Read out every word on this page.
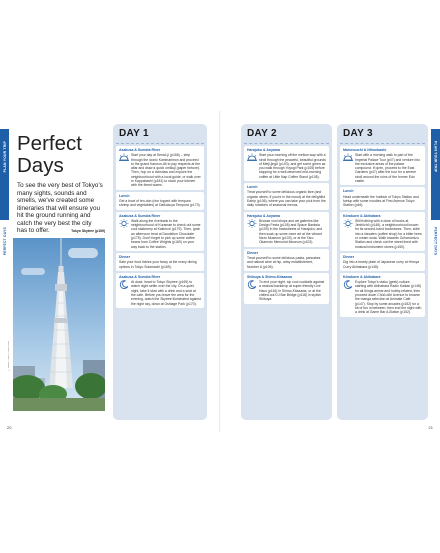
PLAN YOUR TRIP
PERFECT DAYS
Perfect
Days

To see the very best of Tokyo's many sights, sounds and smells, we've created some itineraries that will ensure you hit the ground running and catch the very best the city has to offer.	Tokyo Skytree (p169)
© DEWITT/SHUTTERSTOCK
20
DAY 1
Asakusa & Sumida River
Start your day at Sensō-ji (p166) – step through the iconic Kaminarimon and proceed to the grand Kannon-dō to pay respects at the altar and draw a quick omikuji (paper fortune). Then, hop on a rickshaw and explore the neighbourhood with a local guide, or walk over to Kappabashi (p181) to stock your kitchen with the finest wares.
Lunch
Get a bowl of ten-don (rice topped with tempura shrimp and vegetables) at Daikokuya Tempura (p173).
Asakusa & Sumida River
Walk along the riverbank to the neighbourhood of Kuramae to check out some cool stationery at Kakimori (p179). Then, grab an afternoon treat at Dandelion Chocolate (p175). Don't forget to pick up some coffee beans from Coffee Wrights (p169) on your way back to the station.
Dinner
Sate your food tickles your fancy at the many dining options in Tokyo Solamachi (p169).
Asakusa & Sumida River
At dusk, head to Tokyo Skytree (p169) to watch night settle over the city. On a quiet night, take it slow with a drink and a seat at the cafe. Before you leave the area for the evening, watch the Skytree illuminated against the night sky, down at Oshiage Park (p170).
DAY 2
Harajuku & Aoyama
Start your morning off the mellow way with a stroll through the peaceful, beautiful grounds of Meiji-jingū (p103), and get some green as you walk through Yoyogi Park (p105) before stopping for a well-deserved mid-morning coffee at Little Nap Coffee Stand (p108).
Lunch
Treat yourself to some delicious organic fare (and organic wines, if you're in the mood) at the delightful Eatrip (p106), where you can take your pick from the daily rotations of seasonal menus.
Harajuku & Aoyama
Browse cool shops and art galleries like Design Festa (p105) and Space Banksia (p109) in the backstreets of Harajuku, and then soak up some more art at the vibrant Nezu Museum (p103), or at the Taro Okamoto Memorial Museum (p103).
Dinner
Treat yourself to some delicious pasta, pancakes and natural wine at hip, artsy establishment, Number A (p106).
Shibuya & Shimo-Kitazawa
To end your night, sip cool cocktails against a musical backdrop at super-friendly Live Haus (p116) in Shimo-Kitazawa, or at the chilled-out DJ Bar Bridge (p118) in stylish Shibuya.
DAY 3
Marunouchi & Nihonbashi
Start with a morning walk to part of the Imperial Palace Tour (p47) and venture into the exclusive areas of the palace compound. If open, proceed to the East Gardens (p47) after the tour for a serene stroll around the ruins of the former Edo castle.
Lunch
Head underneath the hubbub of Tokyo Station and fuelup with some noodles at First Avenue Tokyo Station (p46).
Kōrakuen & Akihabara
Still frothing with a dose of books at Jimbōchō (p146), a neighbourhood known for its second-hand bookstores. Then, sidle into a kissaten (coffee shop) for a bitter brew or cream soda. Walk towards Ochanomizu Station and check out the street lined with musical instrument stores (p150).
Dinner
Dig into a hearty plate of Japanese curry at Hinoya Curry Akihabara (p148).
Kōrakuen & Akihabara
Explore Tokyo's otaku (geek) culture, starting with Akihabara Radio Kaikan (p148) for all things anime and hobby-related, then proceed down Chūō-dōri Avenue to browse the manga selection at Animate Cafe (p147). Stop by some arcades (p152) for a bit of fun in between, then end the night with a drink at Game Bar A-Button (p152).
PLAN YOUR TRIP
PERFECT DAYS
21
